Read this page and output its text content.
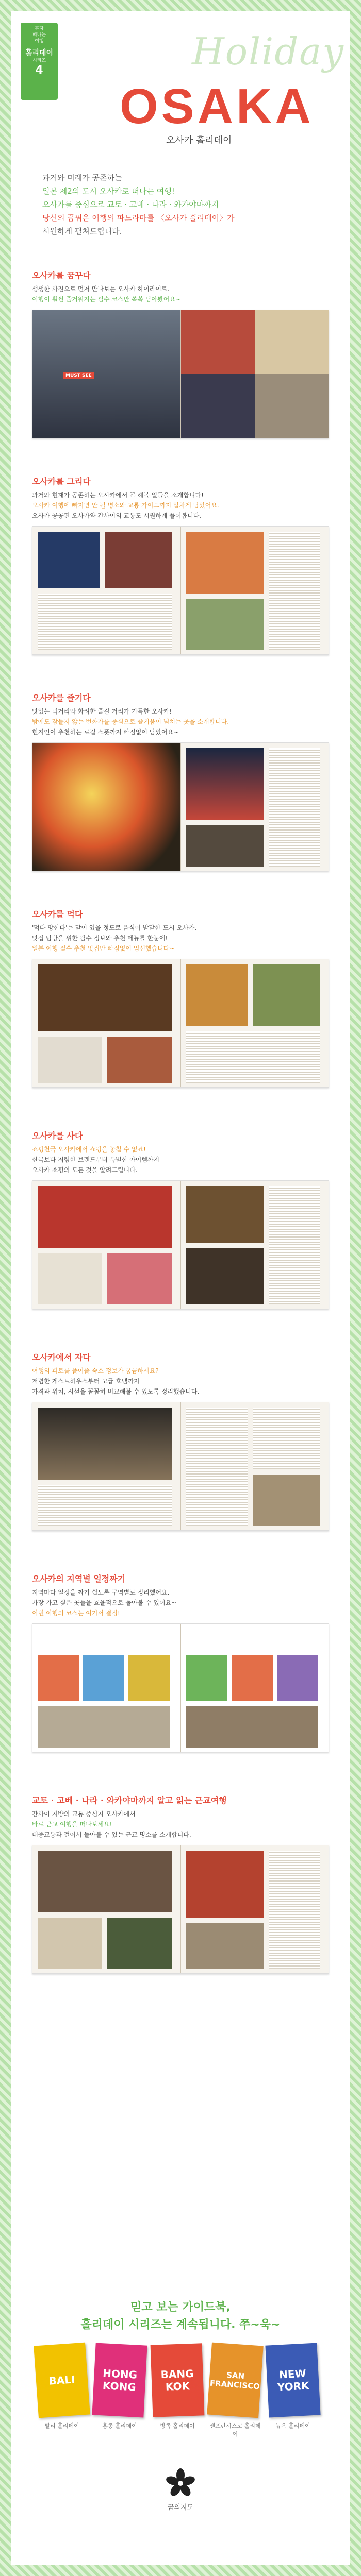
혼자
떠나는
여행
홀리데이
시리즈
4	Holiday
OSAKA
오사카 홀리데이

과거와 미래가 공존하는

일본 제2의 도시 오사카로 떠나는 여행!

오사카를 중심으로 교토 · 고베 · 나라 · 와카야마까지

당신의 꿈꿔온 여행의 파노라마를 〈오사카 홀리데이〉가

시원하게 펼쳐드립니다.

오사카를 꿈꾸다
생생한 사진으로 먼저 만나보는 오사카 하이라이트.
여행이 훨씬 즐거워지는 필수 코스만 쏙쏙 담아봤어요~
MUST SEE
오사카를 그리다
과거와 현재가 공존하는 오사카에서 꼭 해볼 일들을 소개합니다!
오사카 여행에 빠지면 안 될 명소와 교통 가이드까지 알차게 담았어요.
오사카 공공편 오사카와 간사이의 교통도 시원하게 풀어봅니다.
오사카를 즐기다
맛있는 먹거리와 화려한 즐길 거리가 가득한 오사카!
밤에도 잠들지 않는 번화가를 중심으로 즐거움이 넘치는 곳을 소개합니다.
현지인이 추천하는 로컬 스폿까지 빠짐없이 담았어요~
오사카를 먹다
'먹다 망한다'는 말이 있을 정도로 음식이 발달한 도시 오사카.
맛집 탐방을 위한 필수 정보와 추천 메뉴를 한눈에!
일본 여행 필수 추천 맛집만 빠짐없이 엄선했습니다~
오사카를 사다
쇼핑천국 오사카에서 쇼핑을 놓칠 수 없죠!
한국보다 저렴한 브랜드부터 특별한 아이템까지
오사카 쇼핑의 모든 것을 알려드립니다.
오사카에서 자다
여행의 피로를 풀어줄 숙소 정보가 궁금하세요?
저렴한 게스트하우스부터 고급 호텔까지
가격과 위치, 시설을 꼼꼼히 비교해볼 수 있도록 정리했습니다.
오사카의 지역별 일정짜기
지역마다 일정을 짜기 쉽도록 구역별로 정리했어요.
가장 가고 싶은 곳들을 효율적으로 돌아볼 수 있어요~
이번 여행의 코스는 여기서 결정!
교토 · 고베 · 나라 · 와카야마까지 알고 읽는 근교여행
간사이 지방의 교통 중심지 오사카에서
바로 근교 여행을 떠나보세요!
대중교통과 걸어서 돌아볼 수 있는 근교 명소를 소개합니다.
믿고 보는 가이드북,
홀리데이 시리즈는 계속됩니다. 쭈~욱~
BALI
발리 홀리데이
HONG KONG
홍콩 홀리데이
BANG KOK
방콕 홀리데이
SAN FRANCISCO
샌프란시스코 홀리데이
NEW YORK
뉴욕 홀리데이
꿈의지도
